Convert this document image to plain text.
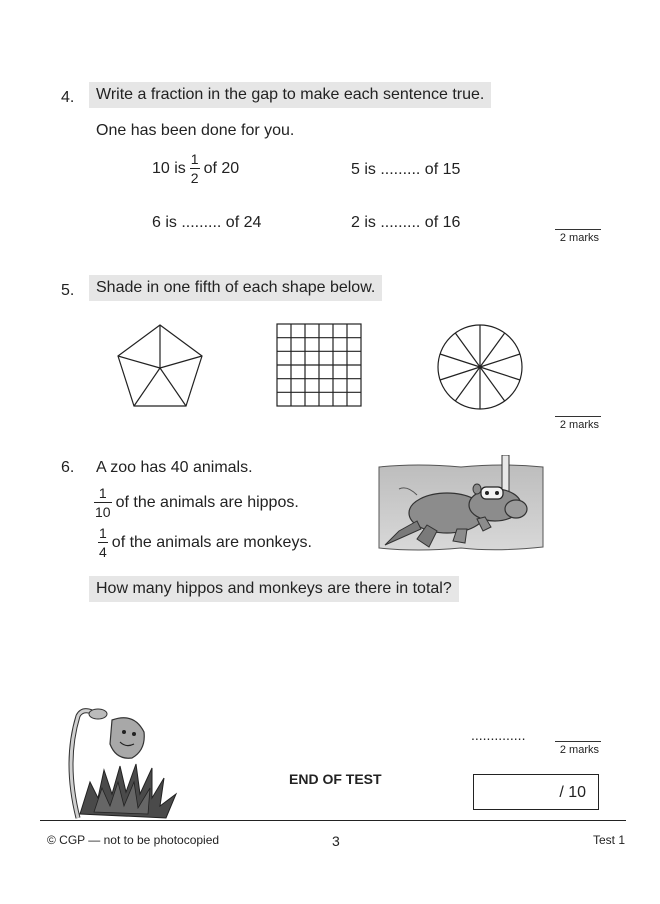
4.	Write a fraction in the gap to make each sentence true.
One has been done for you.
10 is $\frac{1}{2}$ of 20	5 is ......... of 15
6 is ......... of 24	2 is ......... of 16
2 marks
5.	Shade in one fifth of each shape below.
2 marks
6. A zoo has 40 animals.
$\frac{1}{10}$ of the animals are hippos.
$\frac{1}{4}$ of the animals are monkeys.
How many hippos and monkeys are there in total?
..............
2 marks
END OF TEST
/ 10
© CGP — not to be photocopied	3	Test 1
